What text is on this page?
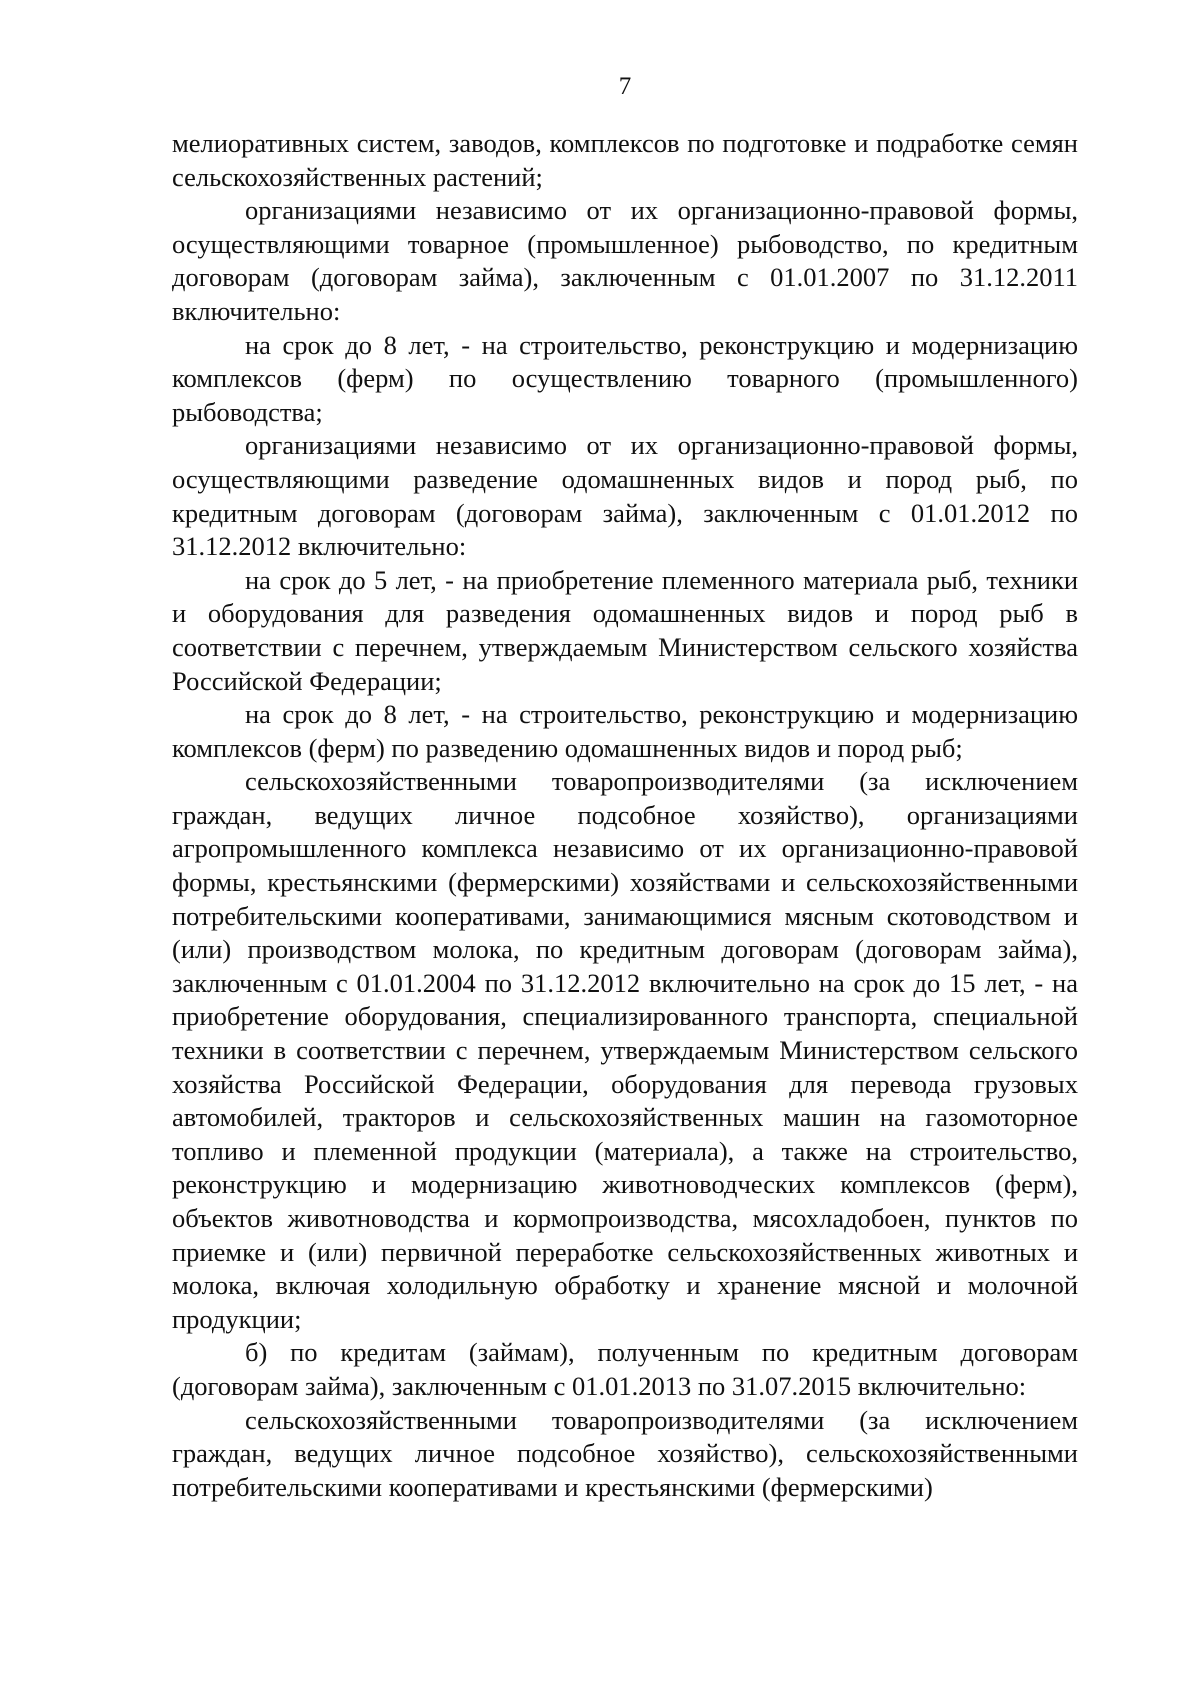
7

мелиоративных систем, заводов, комплексов по подготовке и подработке семян сельскохозяйственных растений;

организациями независимо от их организационно-правовой формы, осуществляющими товарное (промышленное) рыбоводство, по кредитным договорам (договорам займа), заключенным с 01.01.2007 по 31.12.2011 включительно:

на срок до 8 лет, - на строительство, реконструкцию и модернизацию комплексов (ферм) по осуществлению товарного (промышленного) рыбоводства;

организациями независимо от их организационно-правовой формы, осуществляющими разведение одомашненных видов и пород рыб, по кредитным договорам (договорам займа), заключенным с 01.01.2012 по 31.12.2012 включительно:

на срок до 5 лет, - на приобретение племенного материала рыб, техники и оборудования для разведения одомашненных видов и пород рыб в соответствии с перечнем, утверждаемым Министерством сельского хозяйства Российской Федерации;

на срок до 8 лет, - на строительство, реконструкцию и модернизацию комплексов (ферм) по разведению одомашненных видов и пород рыб;

сельскохозяйственными товаропроизводителями (за исключением граждан, ведущих личное подсобное хозяйство), организациями агропромышленного комплекса независимо от их организационно-правовой формы, крестьянскими (фермерскими) хозяйствами и сельскохозяйственными потребительскими кооперативами, занимающимися мясным скотоводством и (или) производством молока, по кредитным договорам (договорам займа), заключенным с 01.01.2004 по 31.12.2012 включительно на срок до 15 лет, - на приобретение оборудования, специализированного транспорта, специальной техники в соответствии с перечнем, утверждаемым Министерством сельского хозяйства Российской Федерации, оборудования для перевода грузовых автомобилей, тракторов и сельскохозяйственных машин на газомоторное топливо и племенной продукции (материала), а также на строительство, реконструкцию и модернизацию животноводческих комплексов (ферм), объектов животноводства и кормопроизводства, мясохладобоен, пунктов по приемке и (или) первичной переработке сельскохозяйственных животных и молока, включая холодильную обработку и хранение мясной и молочной продукции;

б) по кредитам (займам), полученным по кредитным договорам (договорам займа), заключенным с 01.01.2013 по 31.07.2015 включительно:

сельскохозяйственными товаропроизводителями (за исключением граждан, ведущих личное подсобное хозяйство), сельскохозяйственными потребительскими кооперативами и крестьянскими (фермерскими)
